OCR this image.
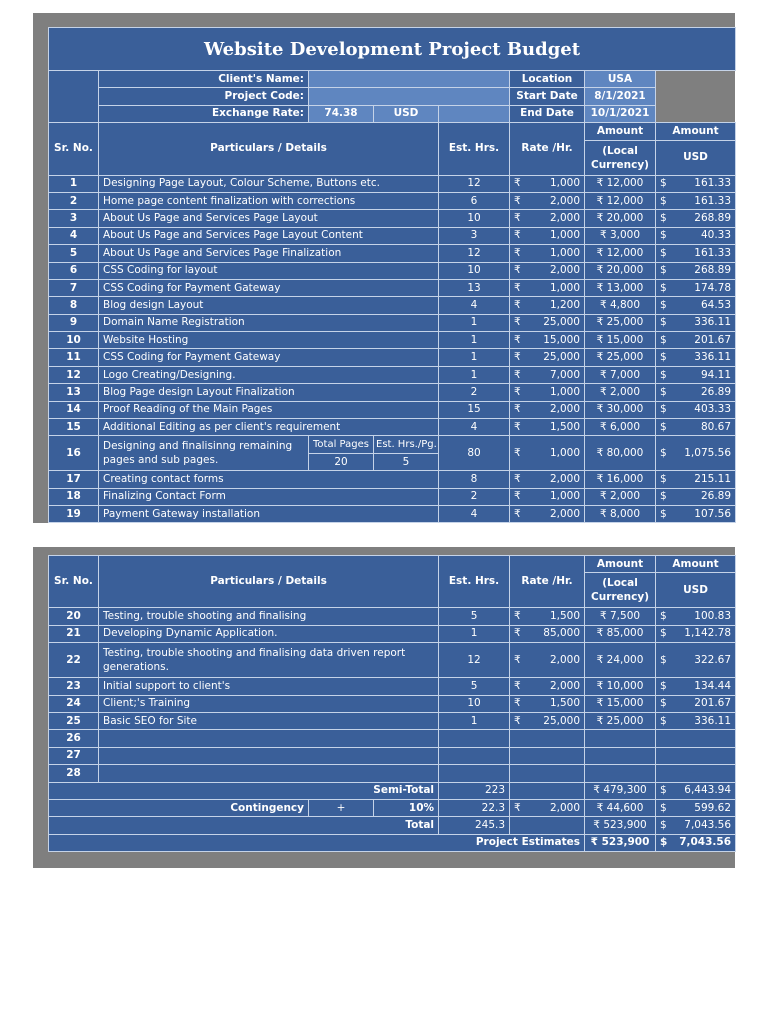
Website Development Project Budget							
	Client's Name:				Location	USA
	Project Code:				Start Date	8/1/2021	
	Exchange Rate:	74.38	USD		End Date	10/1/2021	
Sr. No.	Particulars / Details			Est. Hrs.	Rate /Hr.	Amount	Amount
						(Local Currency)	USD
1	Designing Page Layout, Colour Scheme, Buttons etc.			12	₹ 1,000	₹ 12,000	$ 161.33

2	Home page content finalization with corrections			6	₹ 2,000	₹ 12,000	$ 161.33

3	About Us Page and Services Page Layout			10	₹ 2,000	₹ 20,000	$ 268.89

4	About Us Page and Services Page Layout Content			3	₹ 1,000	₹ 3,000	$ 40.33

5	About Us Page and Services Page Finalization			12	₹ 1,000	₹ 12,000	$ 161.33

6	CSS Coding for layout			10	₹ 2,000	₹ 20,000	$ 268.89

7	CSS Coding for Payment Gateway			13	₹ 1,000	₹ 13,000	$ 174.78

8	Blog design Layout			4	₹ 1,200	₹ 4,800	$ 64.53

9	Domain Name Registration			1	₹ 25,000	₹ 25,000	$ 336.11

10	Website Hosting			1	₹ 15,000	₹ 15,000	$ 201.67

11	CSS Coding for Payment Gateway			1	₹ 25,000	₹ 25,000	$ 336.11

12	Logo Creating/Designing.			1	₹ 7,000	₹ 7,000	$ 94.11

13	Blog Page design Layout Finalization			2	₹ 1,000	₹ 2,000	$ 26.89

14	Proof Reading of the Main Pages			15	₹ 2,000	₹ 30,000	$ 403.33

15	Additional Editing as per client's requirement			4	₹ 1,500	₹ 6,000	$ 80.67

16	Designing and finalisinng remaining pages and sub pages.	Total Pages	Est. Hrs./Pg.	80	₹ 1,000	₹ 80,000	$ 1,075.56

		20	5				
17	Creating contact forms			8	₹ 2,000	₹ 16,000	$ 215.11

18	Finalizing Contact Form			2	₹ 1,000	₹ 2,000	$ 26.89

19	Payment Gateway installation			4	₹ 2,000	₹ 8,000	$ 107.56
Sr. No.	Particulars / Details			Est. Hrs.	Rate /Hr.	Amount	Amount
						(Local Currency)	USD
20	Testing, trouble shooting and finalising			5	₹ 1,500	₹ 7,500	$ 100.83

21	Developing Dynamic Application.			1	₹ 85,000	₹ 85,000	$ 1,142.78

22	Testing, trouble shooting and finalising data driven report generations.			12	₹ 2,000	₹ 24,000	$ 322.67

23	Initial support to client's			5	₹ 2,000	₹ 10,000	$ 134.44

24	Client;'s Training			10	₹ 1,500	₹ 15,000	$ 201.67

25	Basic SEO for Site			1	₹ 25,000	₹ 25,000	$ 336.11

26							
27							
28							
Semi-Total				223		₹ 479,300	$ 6,443.94

Contingency		+	10%	22.3	₹ 2,000	₹ 44,600	$ 599.62

Total				245.3		₹ 523,900	$ 7,043.56

Project Estimates						₹ 523,900	$ 7,043.56
